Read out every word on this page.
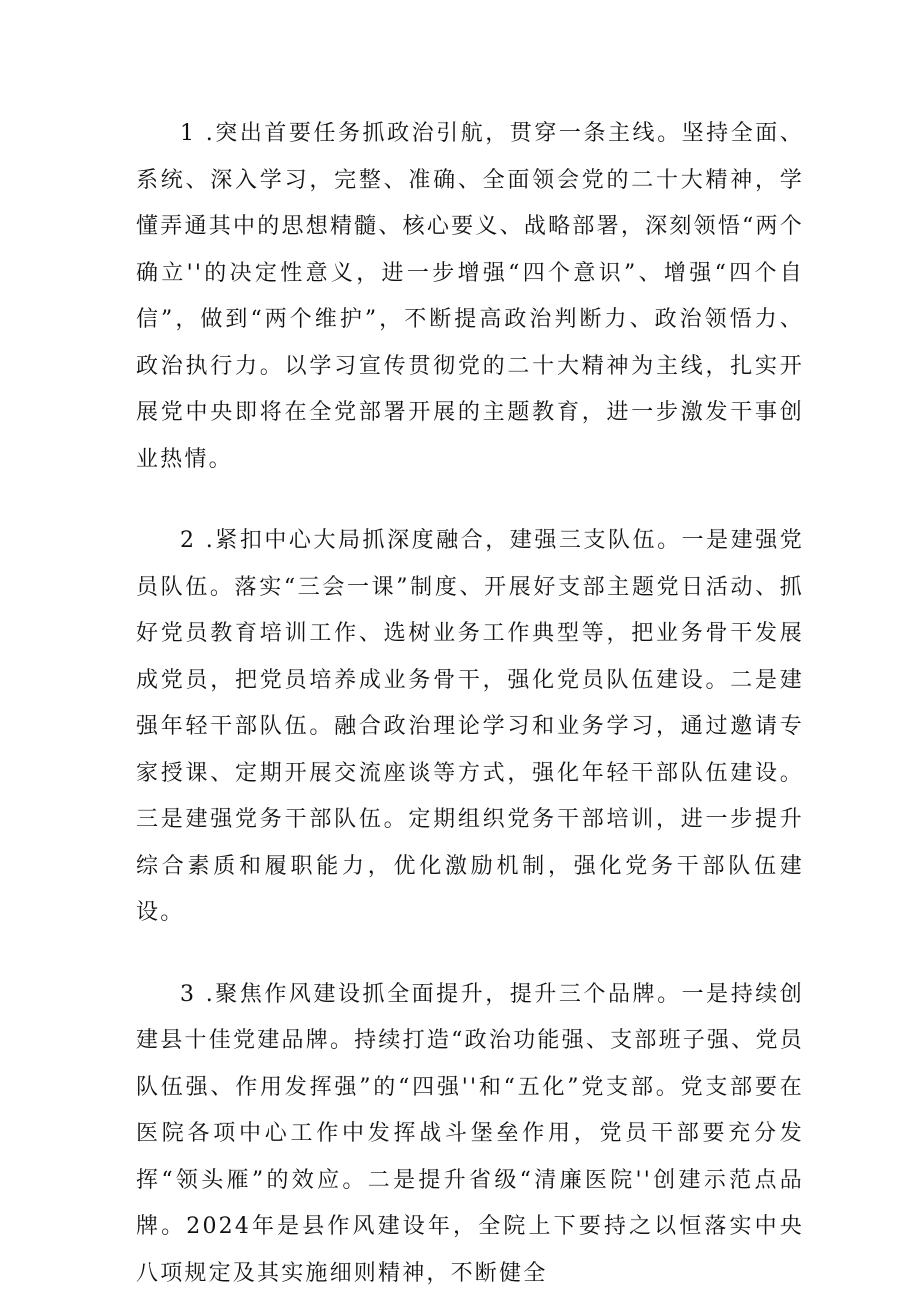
1 .突出首要任务抓政治引航，贯穿一条主线。坚持全面、系统、深入学习，完整、准确、全面领会党的二十大精神，学懂弄通其中的思想精髓、核心要义、战略部署，深刻领悟“两个确立''的决定性意义，进一步增强“四个意识”、增强“四个自信”，做到“两个维护”，不断提高政治判断力、政治领悟力、政治执行力。以学习宣传贯彻党的二十大精神为主线，扎实开展党中央即将在全党部署开展的主题教育，进一步激发干事创业热情。

2 .紧扣中心大局抓深度融合，建强三支队伍。一是建强党员队伍。落实“三会一课”制度、开展好支部主题党日活动、抓好党员教育培训工作、选树业务工作典型等，把业务骨干发展成党员，把党员培养成业务骨干，强化党员队伍建设。二是建强年轻干部队伍。融合政治理论学习和业务学习，通过邀请专家授课、定期开展交流座谈等方式，强化年轻干部队伍建设。三是建强党务干部队伍。定期组织党务干部培训，进一步提升综合素质和履职能力，优化激励机制，强化党务干部队伍建设。

3 .聚焦作风建设抓全面提升，提升三个品牌。一是持续创建县十佳党建品牌。持续打造“政治功能强、支部班子强、党员队伍强、作用发挥强”的“四强''和“五化”党支部。党支部要在医院各项中心工作中发挥战斗堡垒作用，党员干部要充分发挥“领头雁”的效应。二是提升省级“清廉医院''创建示范点品牌。2024年是县作风建设年，全院上下要持之以恒落实中央八项规定及其实施细则精神，不断健全
